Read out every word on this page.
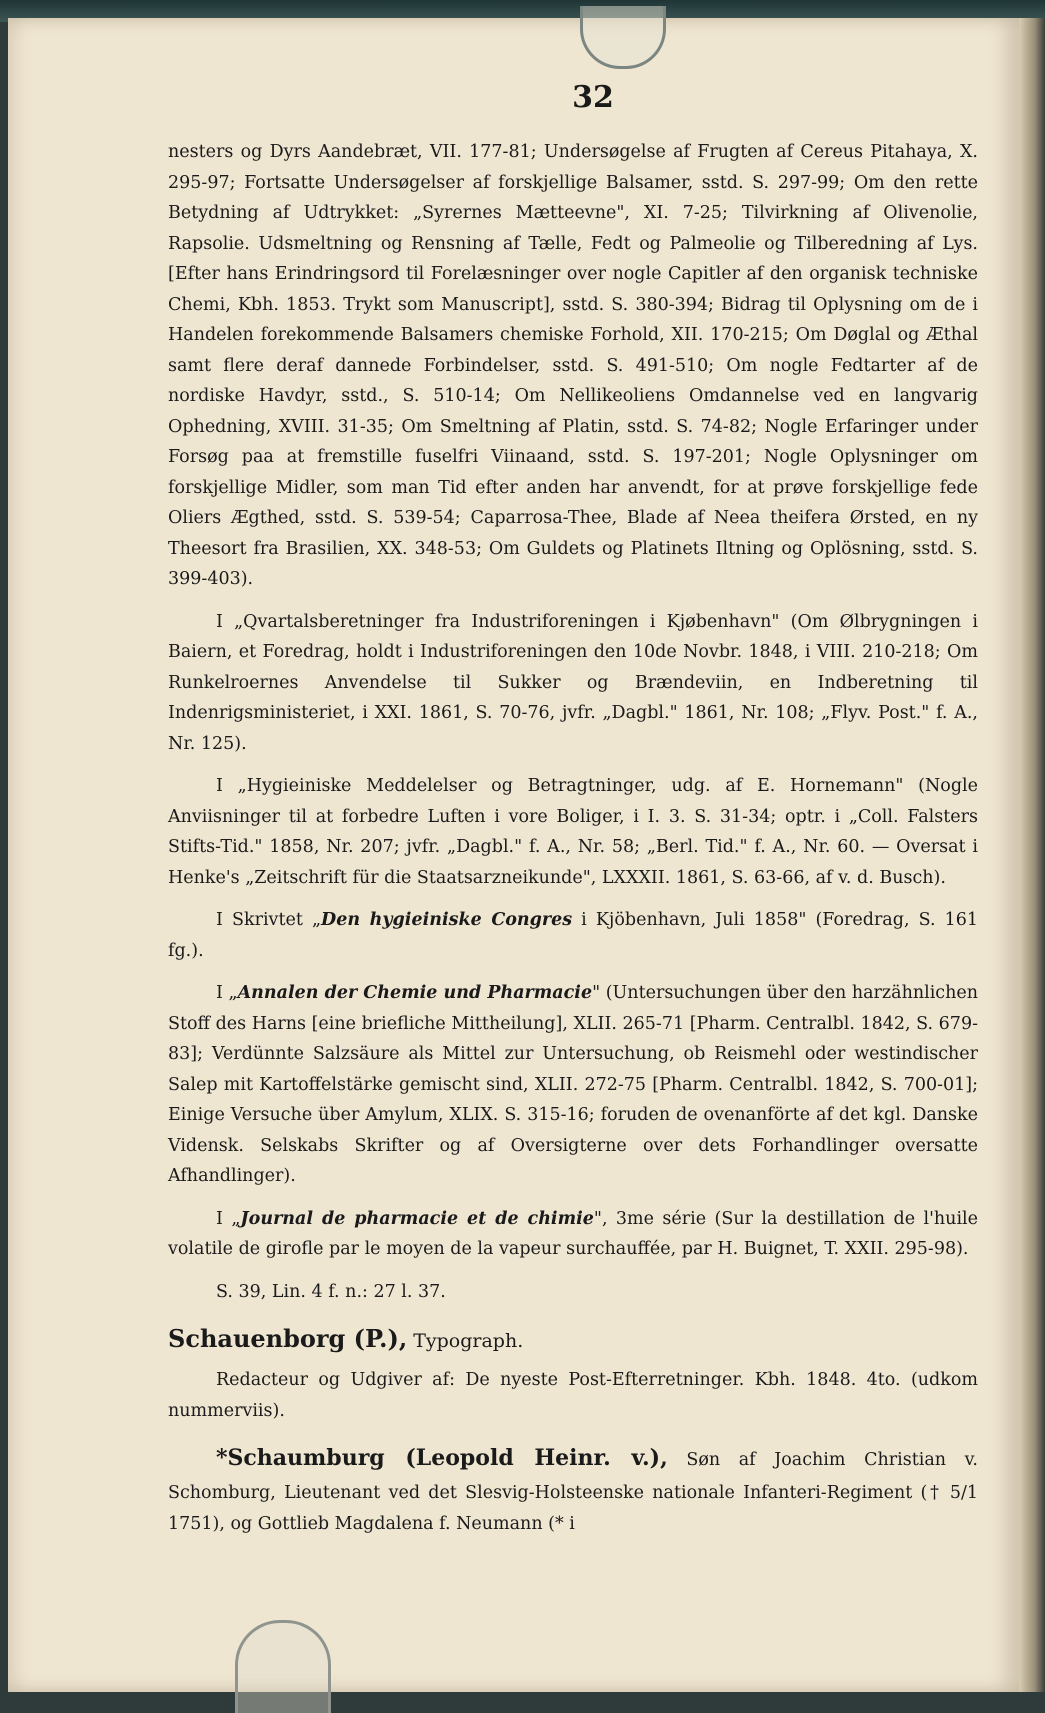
32

nesters og Dyrs Aandebræt, VII. 177-81; Undersøgelse af Frugten af Cereus Pitahaya, X. 295-97; Fortsatte Undersøgelser af forskjellige Balsamer, sstd. S. 297-99; Om den rette Betydning af Udtrykket: „Syrernes Mætteevne", XI. 7-25; Tilvirkning af Olivenolie, Rapsolie. Udsmeltning og Rensning af Tælle, Fedt og Palmeolie og Tilberedning af Lys. [Efter hans Erindringsord til Forelæsninger over nogle Capitler af den organisk techniske Chemi, Kbh. 1853. Trykt som Manuscript], sstd. S. 380-394; Bidrag til Oplysning om de i Handelen forekommende Balsamers chemiske Forhold, XII. 170-215; Om Døglal og Æthal samt flere deraf dannede Forbindelser, sstd. S. 491-510; Om nogle Fedtarter af de nordiske Havdyr, sstd., S. 510-14; Om Nellikeoliens Omdannelse ved en langvarig Ophedning, XVIII. 31-35; Om Smeltning af Platin, sstd. S. 74-82; Nogle Erfaringer under Forsøg paa at fremstille fuselfri Viinaand, sstd. S. 197-201; Nogle Oplysninger om forskjellige Midler, som man Tid efter anden har anvendt, for at prøve forskjellige fede Oliers Ægthed, sstd. S. 539-54; Caparrosa-Thee, Blade af Neea theifera Ørsted, en ny Theesort fra Brasilien, XX. 348-53; Om Guldets og Platinets Iltning og Oplösning, sstd. S. 399-403).

I „Qvartalsberetninger fra Industriforeningen i Kjøbenhavn" (Om Ølbrygningen i Baiern, et Foredrag, holdt i Industriforeningen den 10de Novbr. 1848, i VIII. 210-218; Om Runkelroernes Anvendelse til Sukker og Brændeviin, en Indberetning til Indenrigsministeriet, i XXI. 1861, S. 70-76, jvfr. „Dagbl." 1861, Nr. 108; „Flyv. Post." f. A., Nr. 125).

I „Hygieiniske Meddelelser og Betragtninger, udg. af E. Hornemann" (Nogle Anviisninger til at forbedre Luften i vore Boliger, i I. 3. S. 31-34; optr. i „Coll. Falsters Stifts-Tid." 1858, Nr. 207; jvfr. „Dagbl." f. A., Nr. 58; „Berl. Tid." f. A., Nr. 60. — Oversat i Henke's „Zeitschrift für die Staatsarzneikunde", LXXXII. 1861, S. 63-66, af v. d. Busch).

I Skrivtet „Den hygieiniske Congres i Kjöbenhavn, Juli 1858" (Foredrag, S. 161 fg.).

I „Annalen der Chemie und Pharmacie" (Untersuchungen über den harzähnlichen Stoff des Harns [eine briefliche Mittheilung], XLII. 265-71 [Pharm. Centralbl. 1842, S. 679-83]; Verdünnte Salzsäure als Mittel zur Untersuchung, ob Reismehl oder westindischer Salep mit Kartoffelstärke gemischt sind, XLII. 272-75 [Pharm. Centralbl. 1842, S. 700-01]; Einige Versuche über Amylum, XLIX. S. 315-16; foruden de ovenanförte af det kgl. Danske Vidensk. Selskabs Skrifter og af Oversigterne over dets Forhandlinger oversatte Afhandlinger).

I „Journal de pharmacie et de chimie", 3me série (Sur la destillation de l'huile volatile de girofle par le moyen de la vapeur surchauffée, par H. Buignet, T. XXII. 295-98).

S. 39, Lin. 4 f. n.: 27 l. 37.

Schauenborg (P.), Typograph.

Redacteur og Udgiver af: De nyeste Post-Efterretninger. Kbh. 1848. 4to. (udkom nummerviis).

*Schaumburg (Leopold Heinr. v.), Søn af Joachim Christian v. Schomburg, Lieutenant ved det Slesvig-Holsteenske nationale Infanteri-Regiment († 5/1 1751), og Gottlieb Magdalena f. Neumann (* i
